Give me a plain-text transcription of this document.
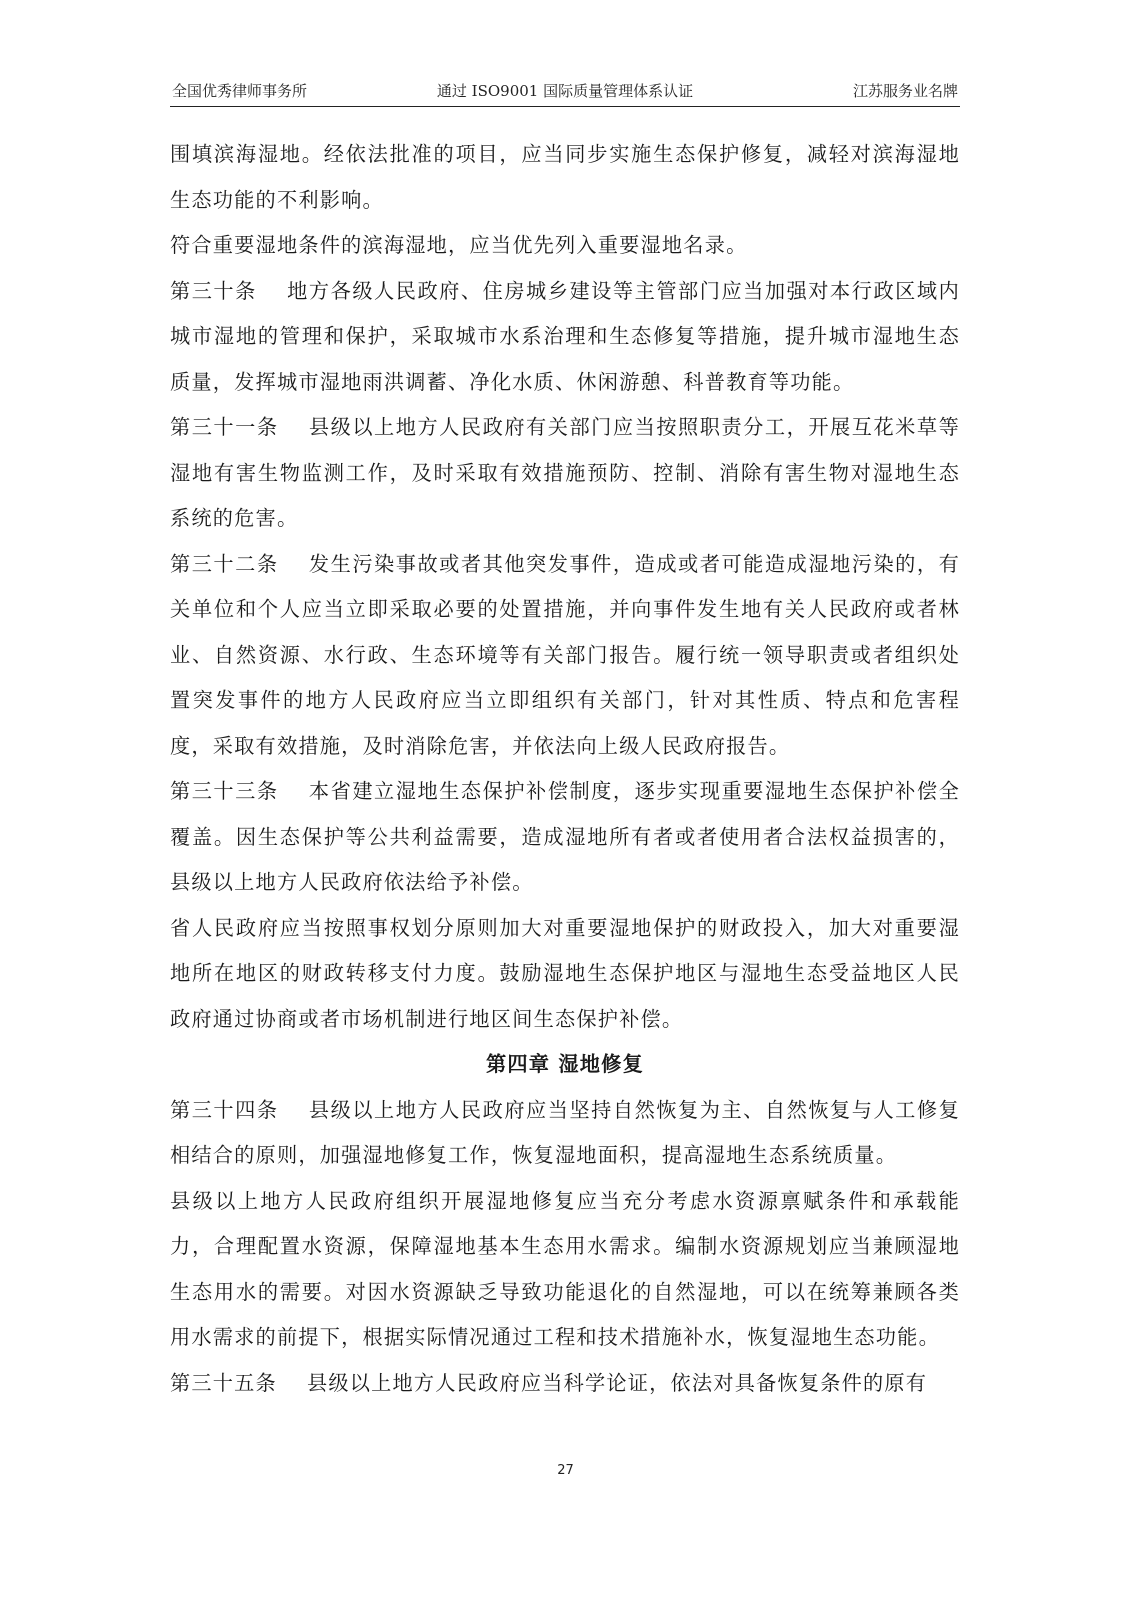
全国优秀律师事务所	通过 ISO9001 国际质量管理体系认证	江苏服务业名牌

围填滨海湿地。经依法批准的项目，应当同步实施生态保护修复，减轻对滨海湿地生态功能的不利影响。

符合重要湿地条件的滨海湿地，应当优先列入重要湿地名录。

第三十条 地方各级人民政府、住房城乡建设等主管部门应当加强对本行政区域内城市湿地的管理和保护，采取城市水系治理和生态修复等措施，提升城市湿地生态质量，发挥城市湿地雨洪调蓄、净化水质、休闲游憩、科普教育等功能。

第三十一条 县级以上地方人民政府有关部门应当按照职责分工，开展互花米草等湿地有害生物监测工作，及时采取有效措施预防、控制、消除有害生物对湿地生态系统的危害。

第三十二条 发生污染事故或者其他突发事件，造成或者可能造成湿地污染的，有关单位和个人应当立即采取必要的处置措施，并向事件发生地有关人民政府或者林业、自然资源、水行政、生态环境等有关部门报告。履行统一领导职责或者组织处置突发事件的地方人民政府应当立即组织有关部门，针对其性质、特点和危害程度，采取有效措施，及时消除危害，并依法向上级人民政府报告。

第三十三条 本省建立湿地生态保护补偿制度，逐步实现重要湿地生态保护补偿全覆盖。因生态保护等公共利益需要，造成湿地所有者或者使用者合法权益损害的，县级以上地方人民政府依法给予补偿。

省人民政府应当按照事权划分原则加大对重要湿地保护的财政投入，加大对重要湿地所在地区的财政转移支付力度。鼓励湿地生态保护地区与湿地生态受益地区人民政府通过协商或者市场机制进行地区间生态保护补偿。

第四章 湿地修复

第三十四条 县级以上地方人民政府应当坚持自然恢复为主、自然恢复与人工修复相结合的原则，加强湿地修复工作，恢复湿地面积，提高湿地生态系统质量。

县级以上地方人民政府组织开展湿地修复应当充分考虑水资源禀赋条件和承载能力，合理配置水资源，保障湿地基本生态用水需求。编制水资源规划应当兼顾湿地生态用水的需要。对因水资源缺乏导致功能退化的自然湿地，可以在统筹兼顾各类用水需求的前提下，根据实际情况通过工程和技术措施补水，恢复湿地生态功能。

第三十五条 县级以上地方人民政府应当科学论证，依法对具备恢复条件的原有

27
